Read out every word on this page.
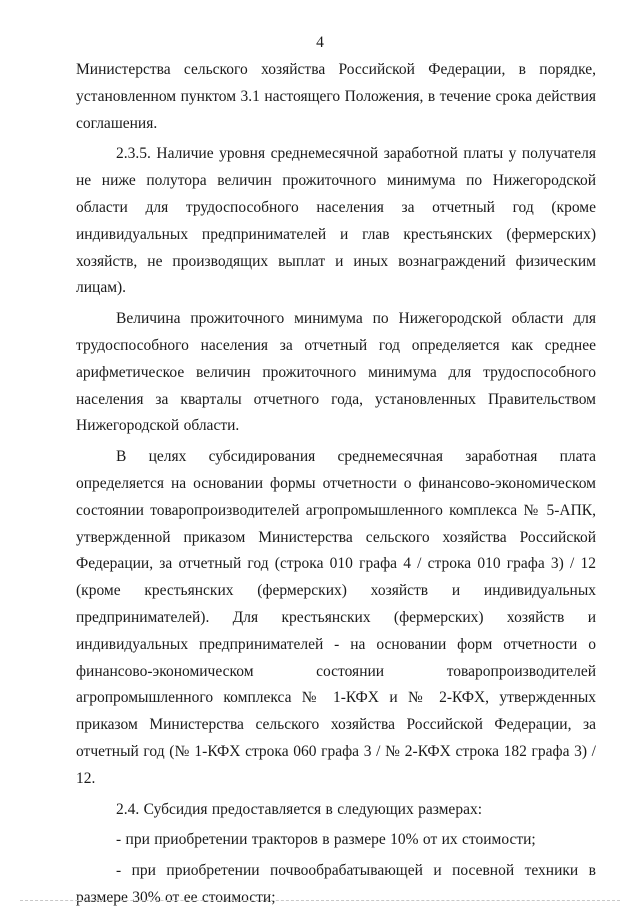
4

Министерства сельского хозяйства Российской Федерации, в порядке, установленном пунктом 3.1 настоящего Положения, в течение срока действия соглашения.

2.3.5. Наличие уровня среднемесячной заработной платы у получателя не ниже полутора величин прожиточного минимума по Нижегородской области для трудоспособного населения за отчетный год (кроме индивидуальных предпринимателей и глав крестьянских (фермерских) хозяйств, не производящих выплат и иных вознаграждений физическим лицам).

Величина прожиточного минимума по Нижегородской области для трудоспособного населения за отчетный год определяется как среднее арифметическое величин прожиточного минимума для трудоспособного населения за кварталы отчетного года, установленных Правительством Нижегородской области.

В целях субсидирования среднемесячная заработная плата определяется на основании формы отчетности о финансово-экономическом состоянии товаропроизводителей агропромышленного комплекса № 5-АПК, утвержденной приказом Министерства сельского хозяйства Российской Федерации, за отчетный год (строка 010 графа 4 / строка 010 графа 3) / 12 (кроме крестьянских (фермерских) хозяйств и индивидуальных предпринимателей). Для крестьянских (фермерских) хозяйств и индивидуальных предпринимателей - на основании форм отчетности о финансово-экономическом состоянии товаропроизводителей агропромышленного комплекса № 1-КФХ и № 2-КФХ, утвержденных приказом Министерства сельского хозяйства Российской Федерации, за отчетный год (№ 1-КФХ строка 060 графа 3 / № 2-КФХ строка 182 графа 3) / 12.

2.4. Субсидия предоставляется в следующих размерах:

- при приобретении тракторов в размере 10% от их стоимости;

- при приобретении почвообрабатывающей и посевной техники в размере 30% от ее стоимости;
